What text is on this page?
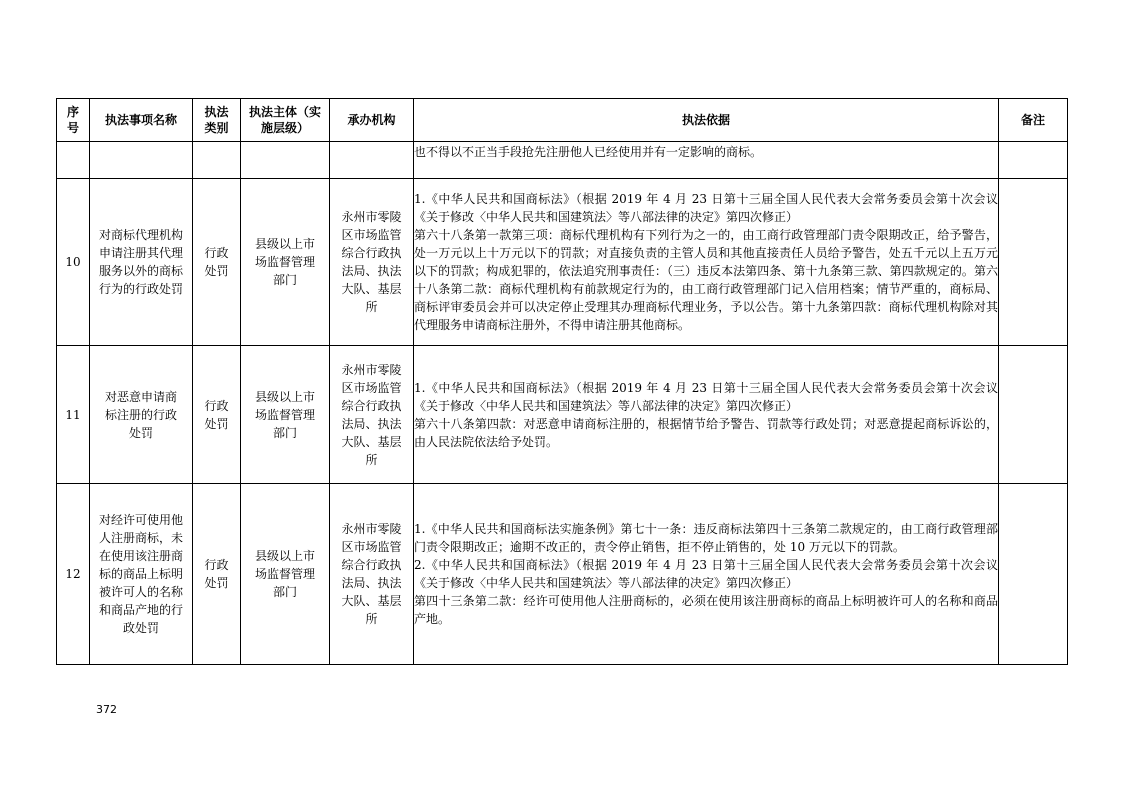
序号	执法事项名称	执法类别	执法主体（实施层级）	承办机构	执法依据	备注
					也不得以不正当手段抢先注册他人已经使用并有一定影响的商标。	
10	对商标代理机构申请注册其代理服务以外的商标行为的行政处罚	行政处罚	县级以上市场监督管理部门	永州市零陵区市场监管综合行政执法局、执法大队、基层所	1.《中华人民共和国商标法》（根据 2019 年 4 月 23 日第十三届全国人民代表大会常务委员会第十次会议《关于修改〈中华人民共和国建筑法〉等八部法律的决定》第四次修正）

第六十八条第一款第三项：商标代理机构有下列行为之一的，由工商行政管理部门责令限期改正，给予警告，处一万元以上十万元以下的罚款；对直接负责的主管人员和其他直接责任人员给予警告，处五千元以上五万元以下的罚款；构成犯罪的，依法追究刑事责任：（三）违反本法第四条、第十九条第三款、第四款规定的。第六十八条第二款：商标代理机构有前款规定行为的，由工商行政管理部门记入信用档案；情节严重的，商标局、商标评审委员会并可以决定停止受理其办理商标代理业务，予以公告。第十九条第四款：商标代理机构除对其代理服务申请商标注册外，不得申请注册其他商标。	

11	对恶意申请商标注册的行政处罚	行政处罚	县级以上市场监督管理部门	永州市零陵区市场监管综合行政执法局、执法大队、基层所	1.《中华人民共和国商标法》（根据 2019 年 4 月 23 日第十三届全国人民代表大会常务委员会第十次会议《关于修改〈中华人民共和国建筑法〉等八部法律的决定》第四次修正）

第六十八条第四款：对恶意申请商标注册的，根据情节给予警告、罚款等行政处罚；对恶意提起商标诉讼的，由人民法院依法给予处罚。	

12	对经许可使用他人注册商标，未在使用该注册商标的商品上标明被许可人的名称和商品产地的行政处罚	行政处罚	县级以上市场监督管理部门	永州市零陵区市场监管综合行政执法局、执法大队、基层所	1.《中华人民共和国商标法实施条例》第七十一条：违反商标法第四十三条第二款规定的，由工商行政管理部门责令限期改正；逾期不改正的，责令停止销售，拒不停止销售的，处 10 万元以下的罚款。

2.《中华人民共和国商标法》（根据 2019 年 4 月 23 日第十三届全国人民代表大会常务委员会第十次会议《关于修改〈中华人民共和国建筑法〉等八部法律的决定》第四次修正）

第四十三条第二款：经许可使用他人注册商标的，必须在使用该注册商标的商品上标明被许可人的名称和商品产地。	

372
